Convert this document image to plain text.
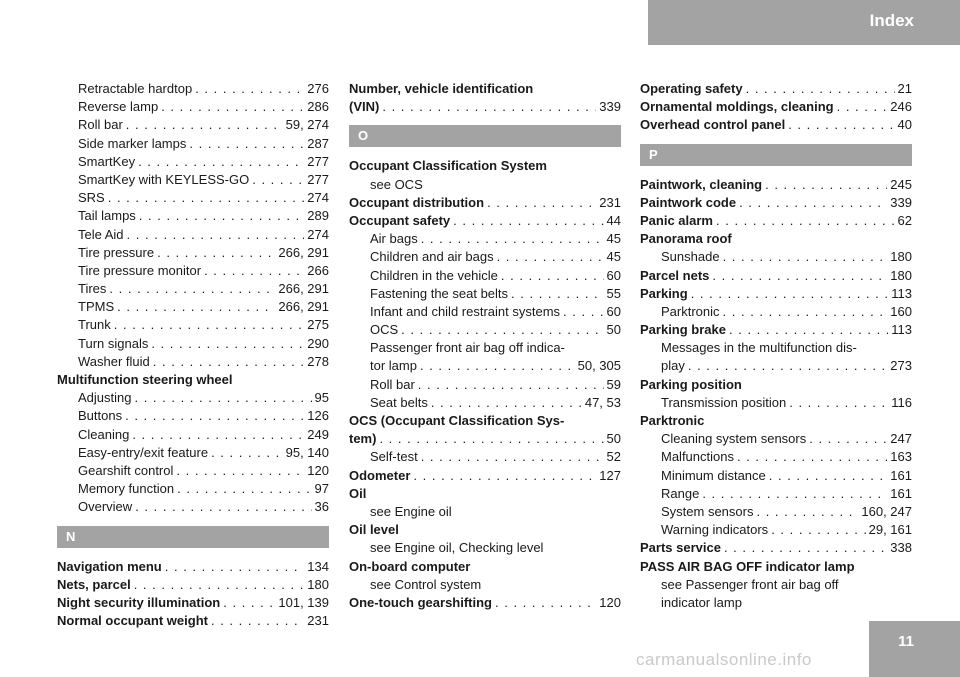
Index
Retractable hardtop . . .	276
Reverse lamp . . .	286
Roll bar . . .	59, 274
Side marker lamps . . .	287
SmartKey . . .	277
SmartKey with KEYLESS-GO . . .	277
SRS . . .	274
Tail lamps . . .	289
Tele Aid . . .	274
Tire pressure . . .	266, 291
Tire pressure monitor . . .	266
Tires . . .	266, 291
TPMS . . .	266, 291
Trunk . . .	275
Turn signals . . .	290
Washer fluid . . .	278
Multifunction steering wheel
Adjusting . . .	95
Buttons . . .	126
Cleaning . . .	249
Easy-entry/exit feature . . .	95, 140
Gearshift control . . .	120
Memory function . . .	97
Overview . . .	36
N
Navigation menu . . .	134
Nets, parcel . . .	180
Night security illumination . . .	101, 139
Normal occupant weight . . .	231
Number, vehicle identification
(VIN) . . .	339
O
Occupant Classification System
see OCS
Occupant distribution . . .	231
Occupant safety . . .	44
Air bags . . .	45
Children and air bags . . .	45
Children in the vehicle . . .	60
Fastening the seat belts . . .	55
Infant and child restraint systems . . .	60
OCS . . .	50
Passenger front air bag off indica-
tor lamp . . .	50, 305
Roll bar . . .	59
Seat belts . . .	47, 53
OCS (Occupant Classification Sys-
tem) . . .	50
Self-test . . .	52
Odometer . . .	127
Oil
see Engine oil
Oil level
see Engine oil, Checking level
On-board computer
see Control system
One-touch gearshifting . . .	120
Operating safety . . .	21
Ornamental moldings, cleaning . . .	246
Overhead control panel . . .	40
P
Paintwork, cleaning . . .	245
Paintwork code . . .	339
Panic alarm . . .	62
Panorama roof
Sunshade . . .	180
Parcel nets . . .	180
Parking . . .	113
Parktronic . . .	160
Parking brake . . .	113
Messages in the multifunction dis-
play . . .	273
Parking position
Transmission position . . .	116
Parktronic
Cleaning system sensors . . .	247
Malfunctions . . .	163
Minimum distance . . .	161
Range . . .	161
System sensors . . .	160, 247
Warning indicators . . .	29, 161
Parts service . . .	338
PASS AIR BAG OFF indicator lamp
see Passenger front air bag off
indicator lamp
11
carmanualsonline.info
